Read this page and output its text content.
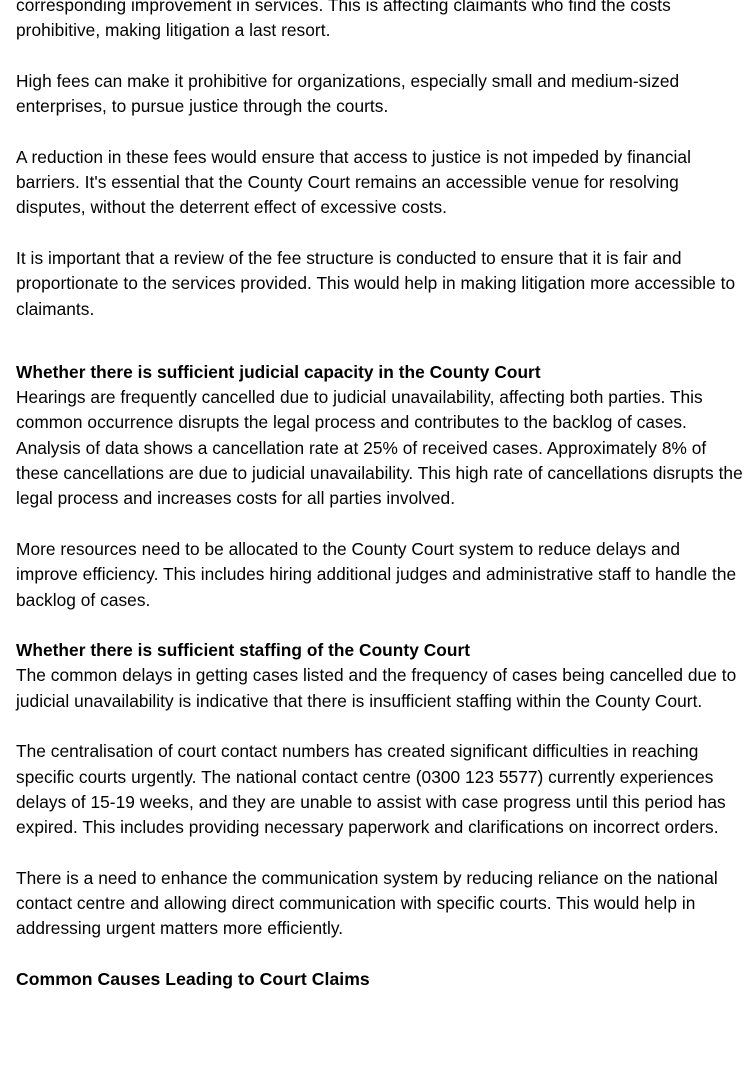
corresponding improvement in services. This is affecting claimants who find the costs prohibitive, making litigation a last resort.

High fees can make it prohibitive for organizations, especially small and medium-sized enterprises, to pursue justice through the courts.

A reduction in these fees would ensure that access to justice is not impeded by financial barriers. It's essential that the County Court remains an accessible venue for resolving disputes, without the deterrent effect of excessive costs.

It is important that a review of the fee structure is conducted to ensure that it is fair and proportionate to the services provided. This would help in making litigation more accessible to claimants.

Whether there is sufficient judicial capacity in the County Court

Hearings are frequently cancelled due to judicial unavailability, affecting both parties. This common occurrence disrupts the legal process and contributes to the backlog of cases. Analysis of data shows a cancellation rate at 25% of received cases. Approximately 8% of these cancellations are due to judicial unavailability. This high rate of cancellations disrupts the legal process and increases costs for all parties involved.

More resources need to be allocated to the County Court system to reduce delays and improve efficiency. This includes hiring additional judges and administrative staff to handle the backlog of cases.

Whether there is sufficient staffing of the County Court

The common delays in getting cases listed and the frequency of cases being cancelled due to judicial unavailability is indicative that there is insufficient staffing within the County Court.

The centralisation of court contact numbers has created significant difficulties in reaching specific courts urgently. The national contact centre (0300 123 5577) currently experiences delays of 15-19 weeks, and they are unable to assist with case progress until this period has expired. This includes providing necessary paperwork and clarifications on incorrect orders.

There is a need to enhance the communication system by reducing reliance on the national contact centre and allowing direct communication with specific courts. This would help in addressing urgent matters more efficiently.

Common Causes Leading to Court Claims
